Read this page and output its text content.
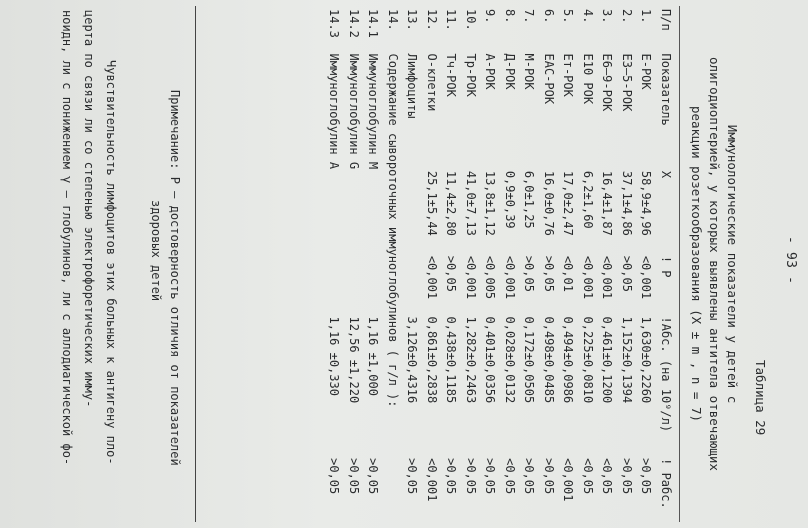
- 93 -
Таблица 29
Иммунологические показатели у детей с
олигодиоптерией, у которых выявлены антитела отвечающих
реакции розеткообразования (X ± m , n = 7)
П/п	Показатель	X	! P	!Абс. (на 10⁹/л)	! Pабс.
1.	Е-РОК	58,9±4,96	<0,001	1,630±0,2260	>0,05
2.	Е3–5-РОК	37,1±4,86	>0,05	1,152±0,1394	>0,05
3.	Е6–9-РОК	16,4±1,87	<0,001	0,461±0,1200	<0,05
4.	Е10 РОК	6,2±1,60	<0,001	0,225±0,0810	<0,05
5.	Ет-РОК	17,0±2,47	<0,01	0,494±0,0986	<0,001
6.	ЕАС-РОК	16,0±0,76	>0,05	0,498±0,0485	>0,05
7.	М-РОК	6,0±1,25	>0,05	0,172±0,0505	>0,05
8.	Д-РОК	0,9±0,39	<0,001	0,028±0,0132	<0,05
9.	А-РОК	13,8±1,12	<0,005	0,401±0,0356	>0,05
10.	Тр-РОК	41,0±7,13	<0,001	1,282±0,2463	>0,05
11.	Тч-РОК	11,4±2,80	>0,05	0,438±0,1185	>0,05
12.	О-клетки	25,1±5,44	<0,001	0,861±0,2838	<0,001
13.	Лимфоциты			3,126±0,4316	>0,05
14.	Содержание сывороточных иммуноглобулинов ( г/л ):				
14.1	Иммуноглобулин М			1,16 ±1,000	>0,05
14.2	Иммуноглобулин G			12,56 ±1,220	>0,05
14.3	Иммуноглобулин А			1,16 ±0,330	>0,05
Примечание: Р – достоверность отличия от показателей
здоровых детей
Чувствительность лимфоцитов этих больных к антигену пло-
церта по связи ли со степенью электрофоретических имму-
ноидн, ли с понижением γ – глобулинов, ли с аллодиагической фо-
